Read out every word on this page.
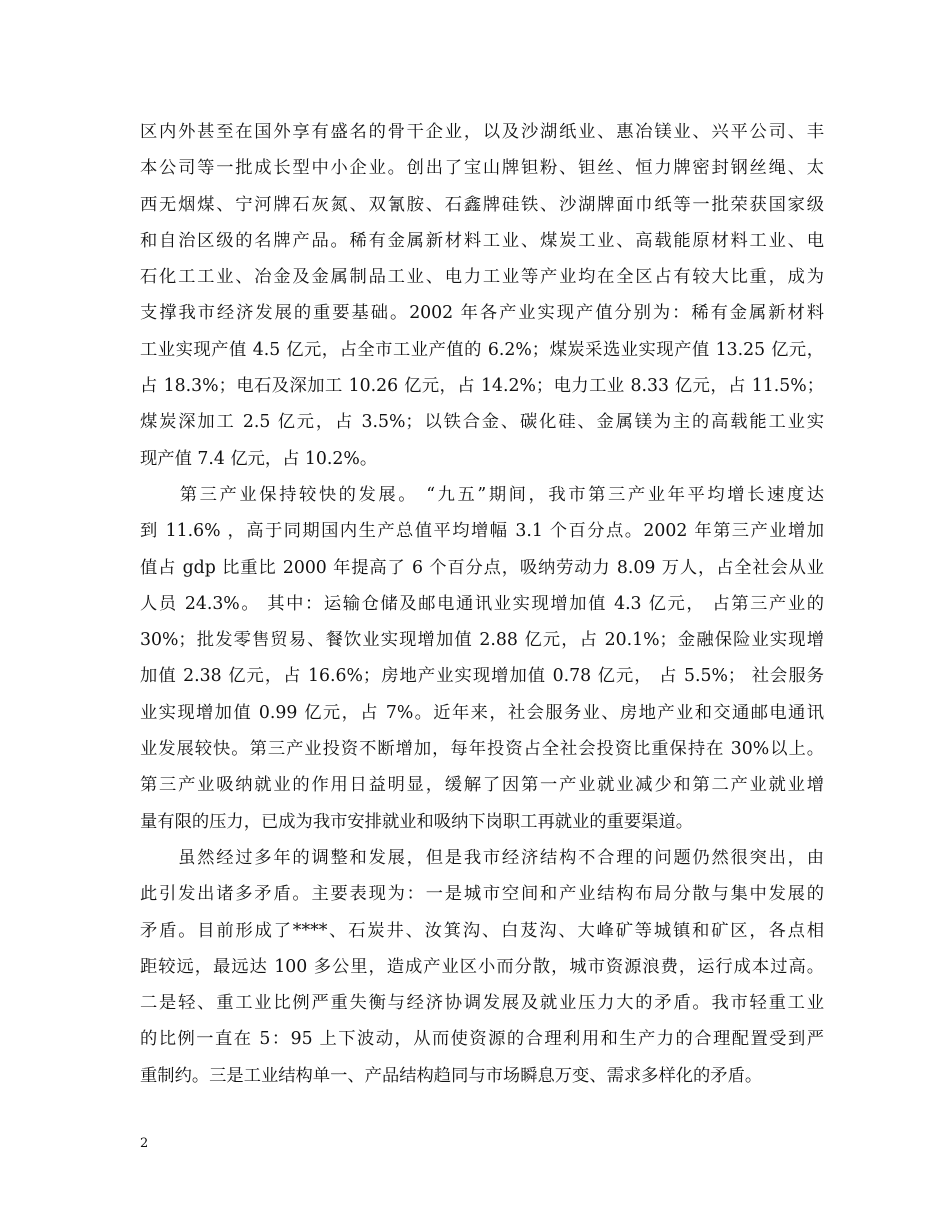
区内外甚至在国外享有盛名的骨干企业，以及沙湖纸业、惠冶镁业、兴平公司、丰
本公司等一批成长型中小企业。创出了宝山牌钽粉、钽丝、恒力牌密封钢丝绳、太
西无烟煤、宁河牌石灰氮、双氰胺、石鑫牌硅铁、沙湖牌面巾纸等一批荣获国家级
和自治区级的名牌产品。稀有金属新材料工业、煤炭工业、高载能原材料工业、电
石化工工业、冶金及金属制品工业、电力工业等产业均在全区占有较大比重，成为
支撑我市经济发展的重要基础。2002 年各产业实现产值分别为：稀有金属新材料
工业实现产值 4.5 亿元，占全市工业产值的 6.2%；煤炭采选业实现产值 13.25 亿元，
占 18.3%；电石及深加工 10.26 亿元，占 14.2%；电力工业 8.33 亿元，占 11.5%；
煤炭深加工 2.5 亿元，占 3.5%；以铁合金、碳化硅、金属镁为主的高载能工业实
现产值 7.4 亿元，占 10.2%。
　　第三产业保持较快的发展。 “九五”期间，我市第三产业年平均增长速度达
到 11.6% ，高于同期国内生产总值平均增幅 3.1 个百分点。2002 年第三产业增加
值占 gdp 比重比 2000 年提高了 6 个百分点，吸纳劳动力 8.09 万人，占全社会从业
人员 24.3%。 其中：运输仓储及邮电通讯业实现增加值 4.3 亿元， 占第三产业的
30%；批发零售贸易、餐饮业实现增加值 2.88 亿元，占 20.1%；金融保险业实现增
加值 2.38 亿元，占 16.6%；房地产业实现增加值 0.78 亿元， 占 5.5%； 社会服务
业实现增加值 0.99 亿元，占 7%。近年来，社会服务业、房地产业和交通邮电通讯
业发展较快。第三产业投资不断增加，每年投资占全社会投资比重保持在 30%以上。
第三产业吸纳就业的作用日益明显，缓解了因第一产业就业减少和第二产业就业增
量有限的压力，已成为我市安排就业和吸纳下岗职工再就业的重要渠道。
　　虽然经过多年的调整和发展，但是我市经济结构不合理的问题仍然很突出，由
此引发出诸多矛盾。主要表现为：一是城市空间和产业结构布局分散与集中发展的
矛盾。目前形成了****、石炭井、汝箕沟、白芨沟、大峰矿等城镇和矿区，各点相
距较远，最远达 100 多公里，造成产业区小而分散，城市资源浪费，运行成本过高。
二是轻、重工业比例严重失衡与经济协调发展及就业压力大的矛盾。我市轻重工业
的比例一直在 5：95 上下波动，从而使资源的合理利用和生产力的合理配置受到严
重制约。三是工业结构单一、产品结构趋同与市场瞬息万变、需求多样化的矛盾。
2
